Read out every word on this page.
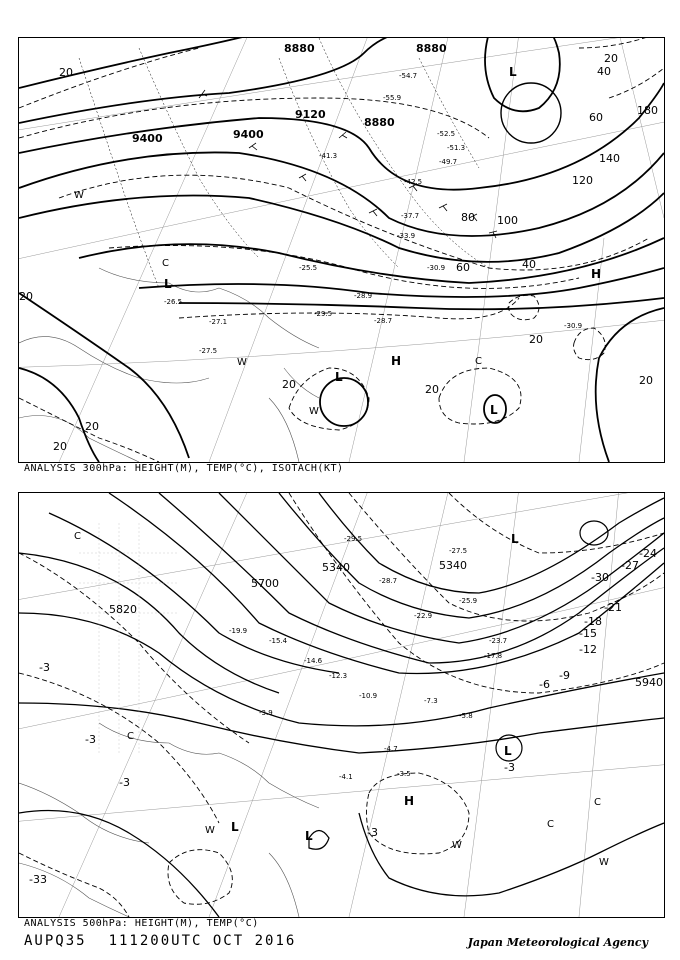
8880	8880
9120
9400	9400
8880
20
20
40
60
80 100
120
140
180
20
20
20
40
60
20
20	20
20
-54.7
-55.9
-52.5
-51.3
-49.7
-42.5
-41.3
-37.7
-33.9
-30.9
-28.9
-28.7
-27.1
-29.5
-26.5
-27.5
-30.9
-25.5
L
L
L
L
H
H
C
C
W
W
W
ANALYSIS 300hPa: HEIGHT(M), TEMP(°C), ISOTACH(KT)
5820
5700
5340	5340
5940
-3
-3
-6
-9
-12
-15
-18
-21
-24
-27
-30
-33
-3
-3
-3
-29.5
-28.7
-27.5
-25.9
-23.7
-22.9
-19.9
-17.8
-15.4
-14.6
-12.3
-10.9
-7.3
-5.8
-4.7
-3.9
-3.5
-4.1
L
L
L
L
H
C
C
C
C
W
W
W
ANALYSIS 500hPa: HEIGHT(M), TEMP(°C)
AUPQ35 111200UTC OCT 2016	Japan Meteorological Agency
